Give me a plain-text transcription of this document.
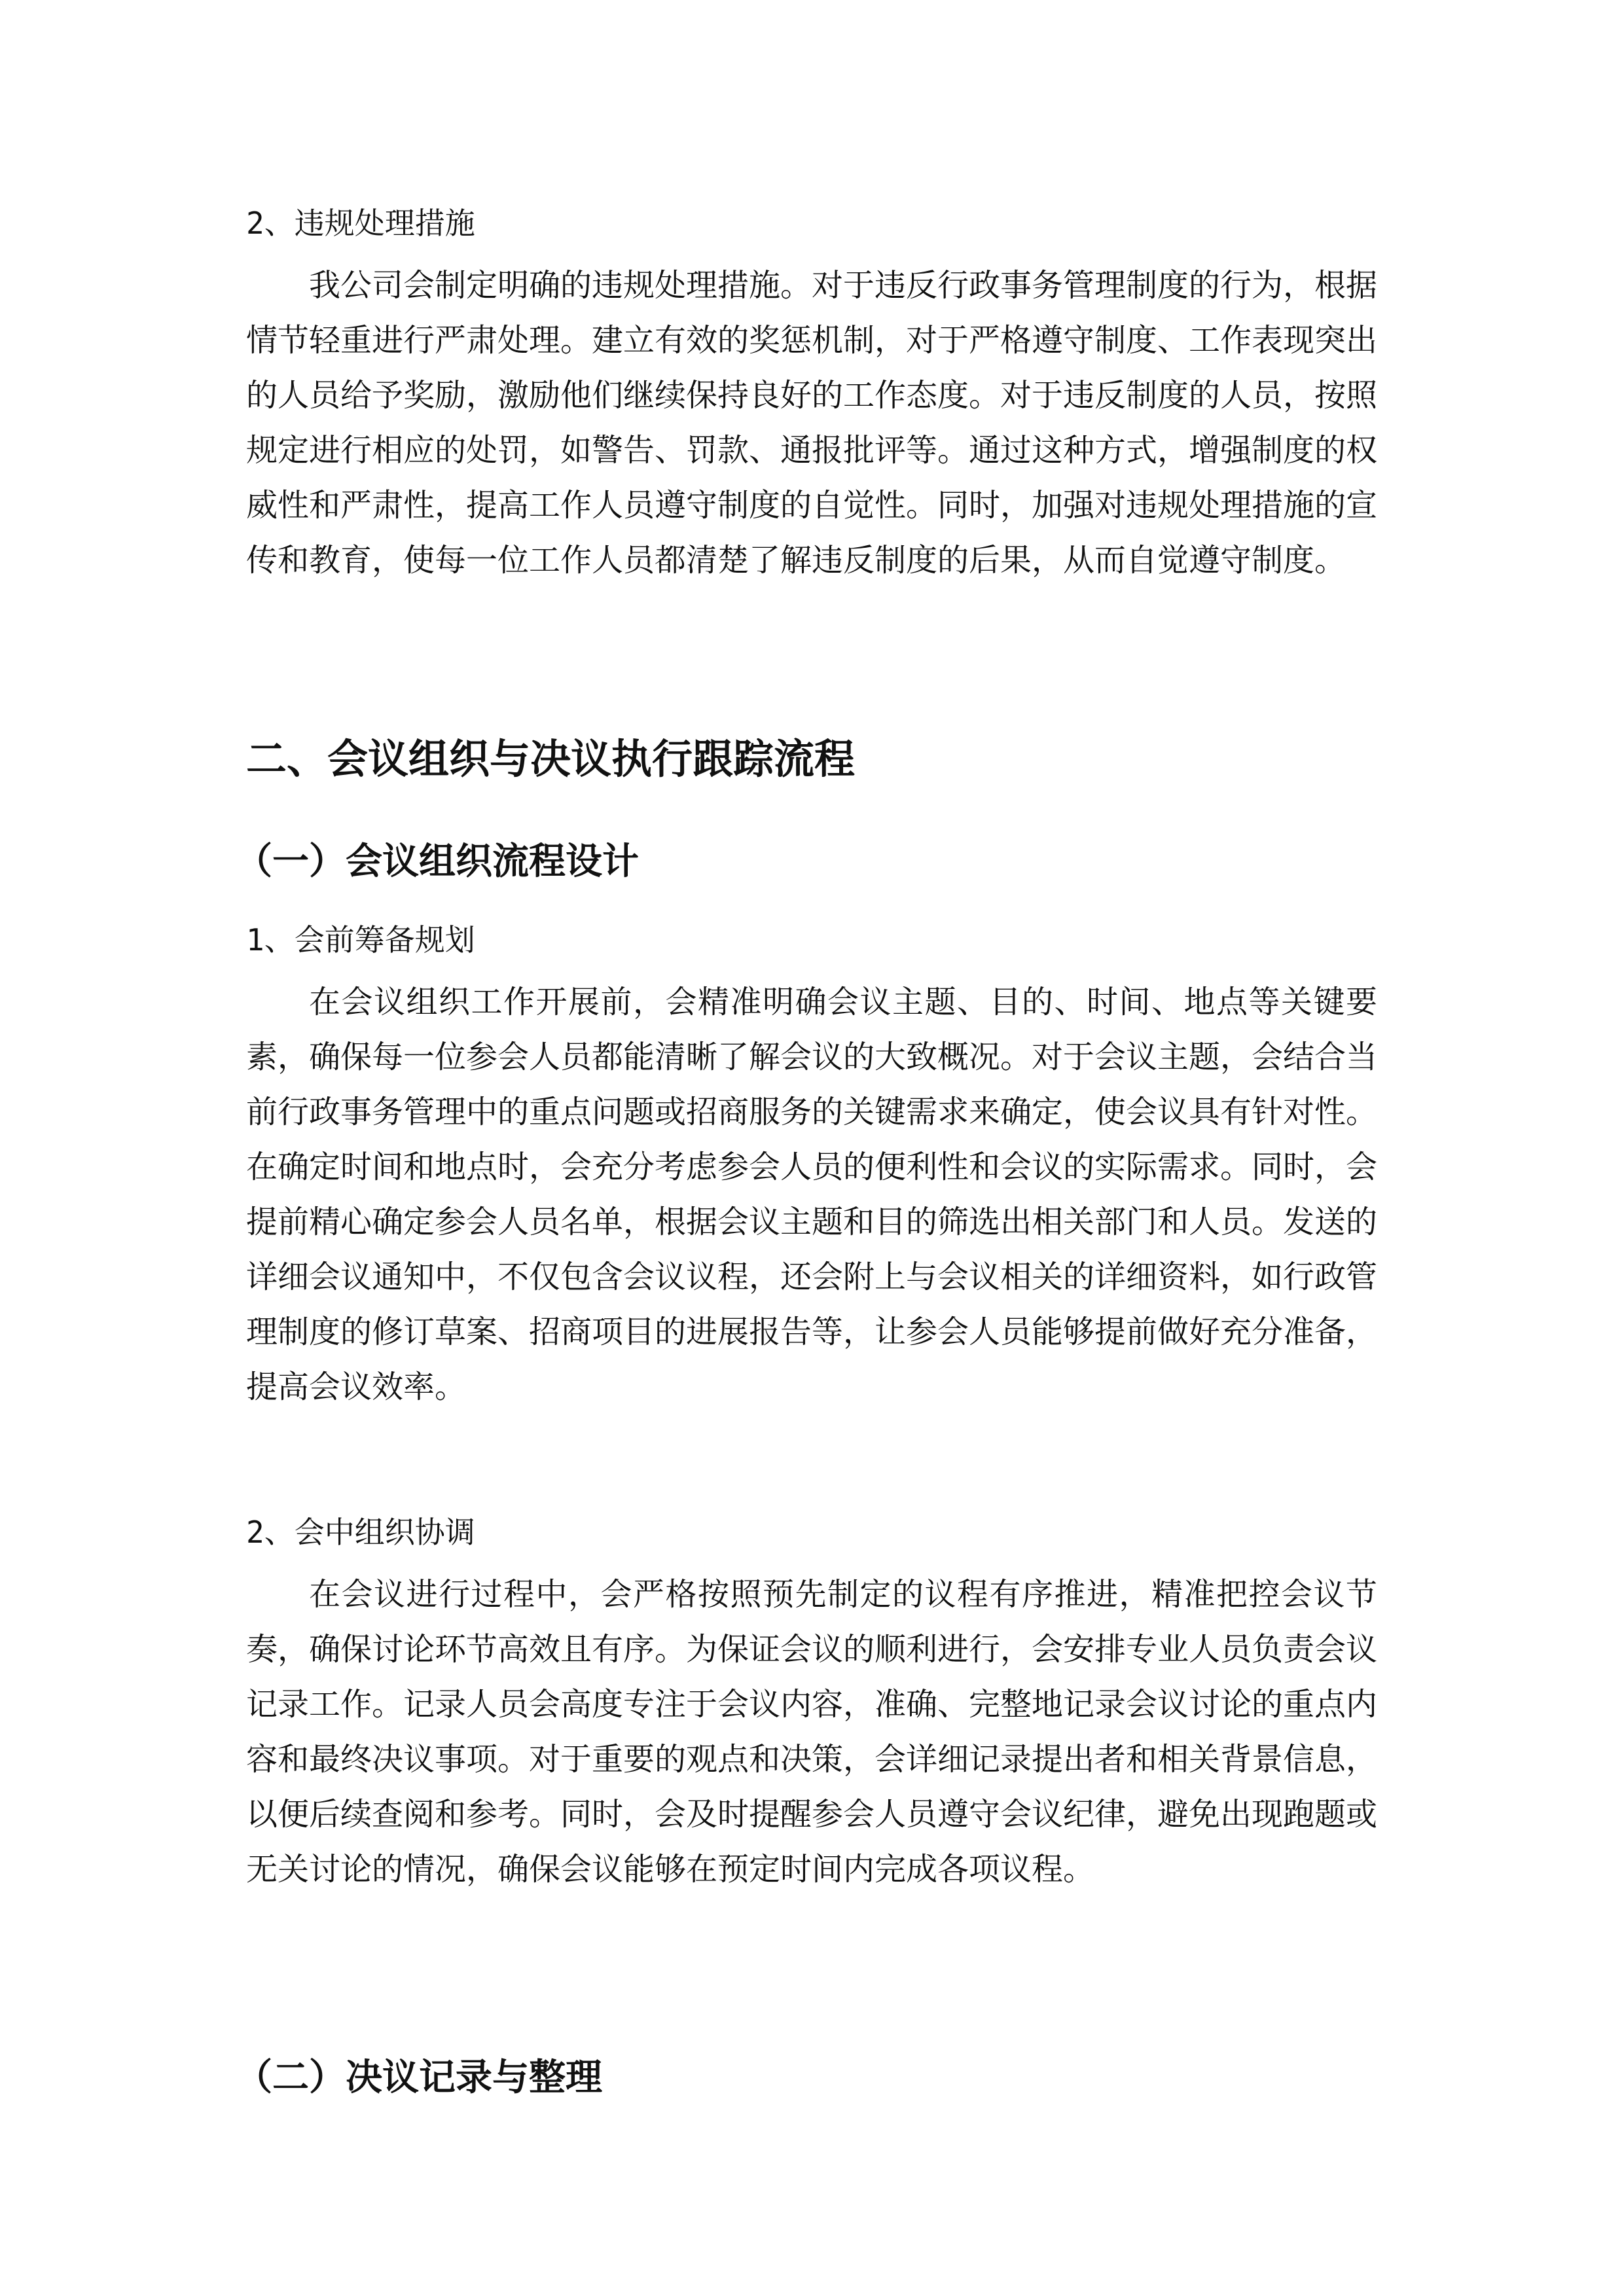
2、违规处理措施

我公司会制定明确的违规处理措施。对于违反行政事务管理制度的行为，根据情节轻重进行严肃处理。建立有效的奖惩机制，对于严格遵守制度、工作表现突出的人员给予奖励，激励他们继续保持良好的工作态度。对于违反制度的人员，按照规定进行相应的处罚，如警告、罚款、通报批评等。通过这种方式，增强制度的权威性和严肃性，提高工作人员遵守制度的自觉性。同时，加强对违规处理措施的宣传和教育，使每一位工作人员都清楚了解违反制度的后果，从而自觉遵守制度。

二、会议组织与决议执行跟踪流程
（一）会议组织流程设计

1、会前筹备规划

在会议组织工作开展前，会精准明确会议主题、目的、时间、地点等关键要素，确保每一位参会人员都能清晰了解会议的大致概况。对于会议主题，会结合当前行政事务管理中的重点问题或招商服务的关键需求来确定，使会议具有针对性。在确定时间和地点时，会充分考虑参会人员的便利性和会议的实际需求。同时，会提前精心确定参会人员名单，根据会议主题和目的筛选出相关部门和人员。发送的详细会议通知中，不仅包含会议议程，还会附上与会议相关的详细资料，如行政管理制度的修订草案、招商项目的进展报告等，让参会人员能够提前做好充分准备，提高会议效率。

2、会中组织协调

在会议进行过程中，会严格按照预先制定的议程有序推进，精准把控会议节奏，确保讨论环节高效且有序。为保证会议的顺利进行，会安排专业人员负责会议记录工作。记录人员会高度专注于会议内容，准确、完整地记录会议讨论的重点内容和最终决议事项。对于重要的观点和决策，会详细记录提出者和相关背景信息，以便后续查阅和参考。同时，会及时提醒参会人员遵守会议纪律，避免出现跑题或无关讨论的情况，确保会议能够在预定时间内完成各项议程。

（二）决议记录与整理
